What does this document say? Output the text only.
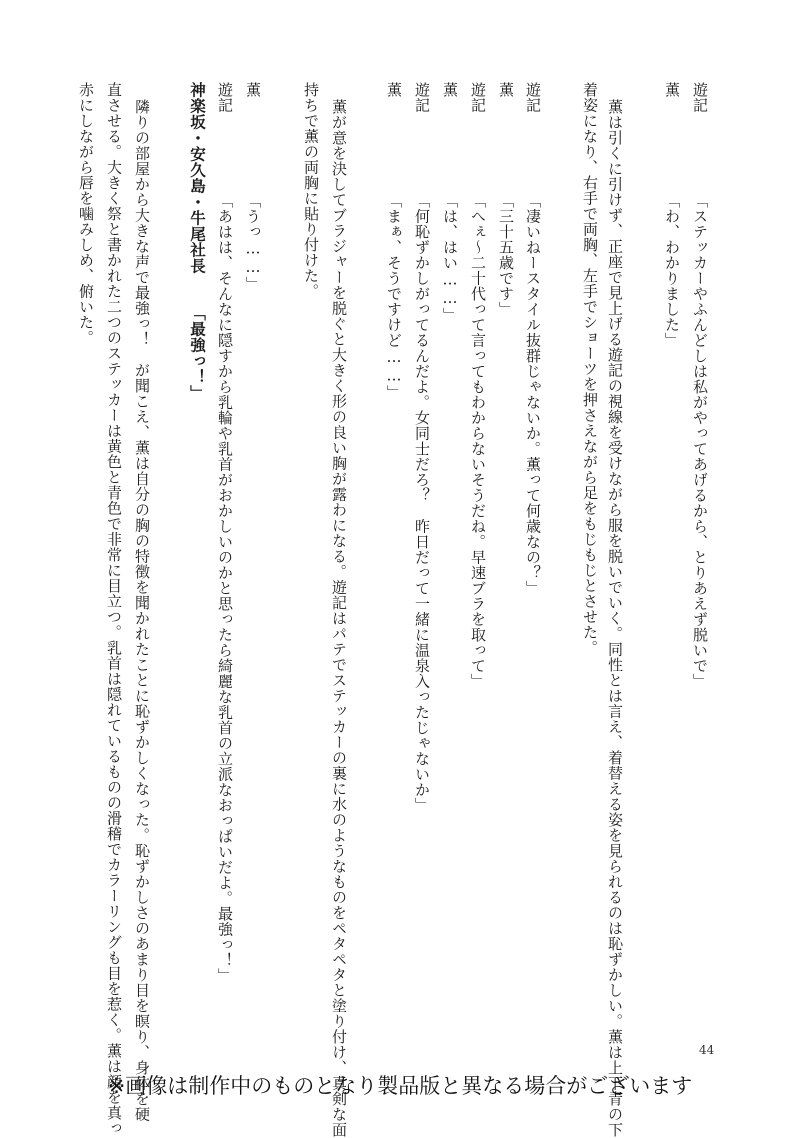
遊記
「ステッカーやふんどしは私がやってあげるから、とりあえず脱いで」
薫
「わ、わかりました」
薫は引くに引けず、正座で見上げる遊記の視線を受けながら服を脱いでいく。同性とは言え、着替える姿を見られるのは恥ずかしい。薫は上下青の下
着姿になり、右手で両胸、左手でショーツを押さえながら足をもじもじとさせた。
遊記
「凄いねースタイル抜群じゃないか。薫って何歳なの？」
薫
「三十五歳です」
遊記
「へぇ〜二十代って言ってもわからないそうだね。早速ブラを取って」
薫
「は、はい……」
遊記
「何恥ずかしがってるんだよ。女同士だろ？　昨日だって一緒に温泉入ったじゃないか」
薫
「まぁ、そうですけど……」
薫が意を決してブラジャーを脱ぐと大きく形の良い胸が露わになる。遊記はパテでステッカーの裏に水のようなものをペタペタと塗り付け、真剣な面
持ちで薫の両胸に貼り付けた。
薫
「うっ……」
遊記
「あはは、そんなに隠すから乳輪や乳首がおかしいのかと思ったら綺麗な乳首の立派なおっぱいだよ。最強っ！」
神楽坂・安久島・牛尾社長
「最強っ！」
隣りの部屋から大きな声で最強っ！　が聞こえ、薫は自分の胸の特徴を聞かれたことに恥ずかしくなった。恥ずかしさのあまり目を瞑り、身体を硬
直させる。大きく祭と書かれた二つのステッカーは黄色と青色で非常に目立つ。乳首は隠れているものの滑稽でカラーリングも目を惹く。薫は顔を真っ
赤にしながら唇を噛みしめ、俯いた。
44
※画像は制作中のものとなり製品版と異なる場合がございます
